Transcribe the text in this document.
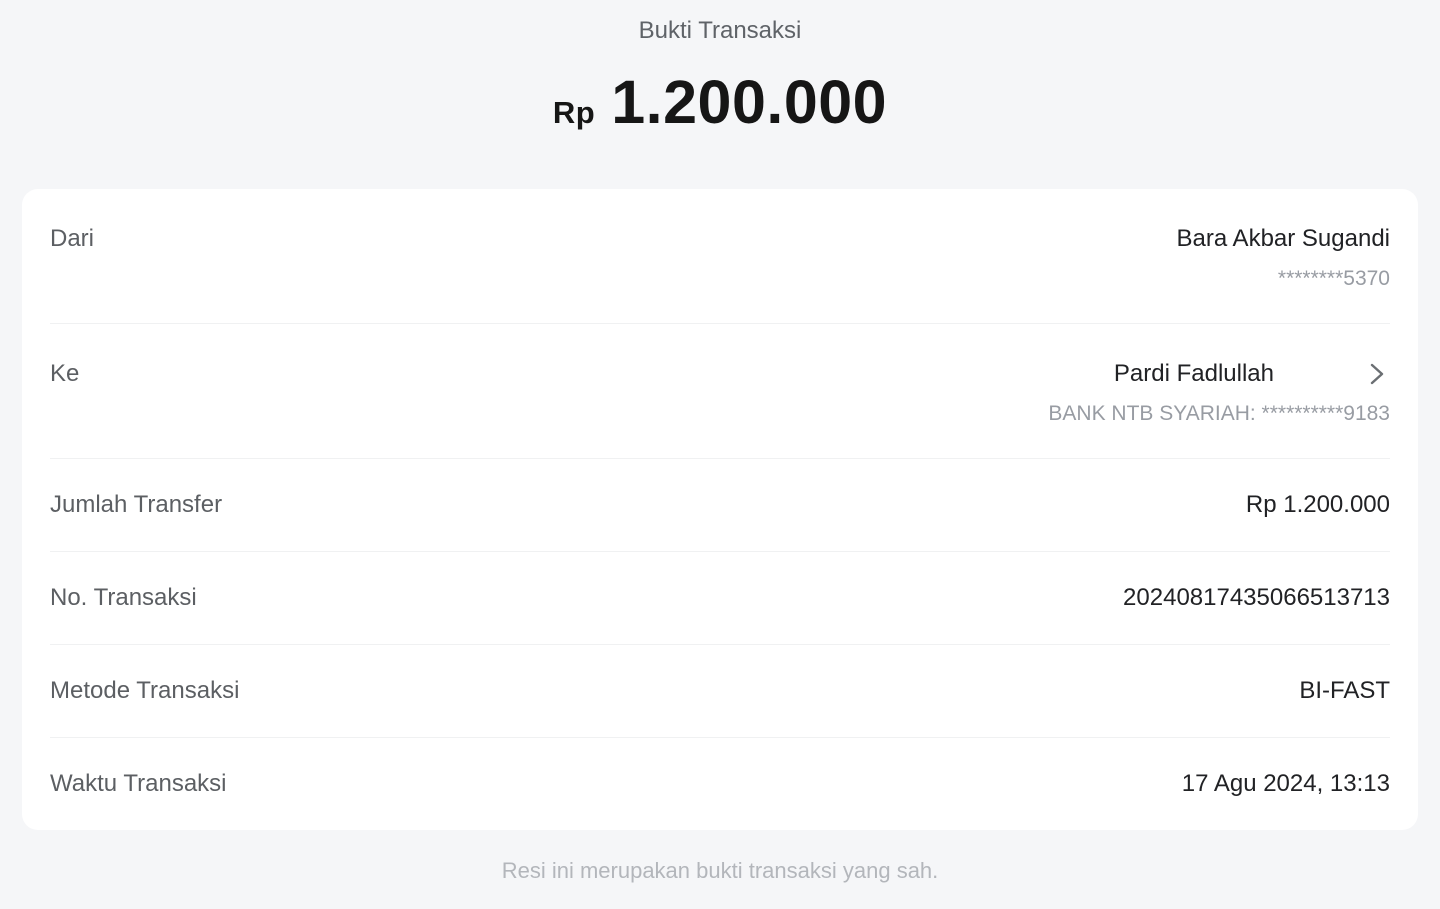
Bukti Transaksi
Rp 1.200.000
Dari	Bara Akbar Sugandi
********5370
Ke	Pardi Fadlullah
BANK NTB SYARIAH: **********9183
Jumlah Transfer	Rp 1.200.000
No. Transaksi	20240817435066513713
Metode Transaksi	BI-FAST
Waktu Transaksi	17 Agu 2024, 13:13
Resi ini merupakan bukti transaksi yang sah.
